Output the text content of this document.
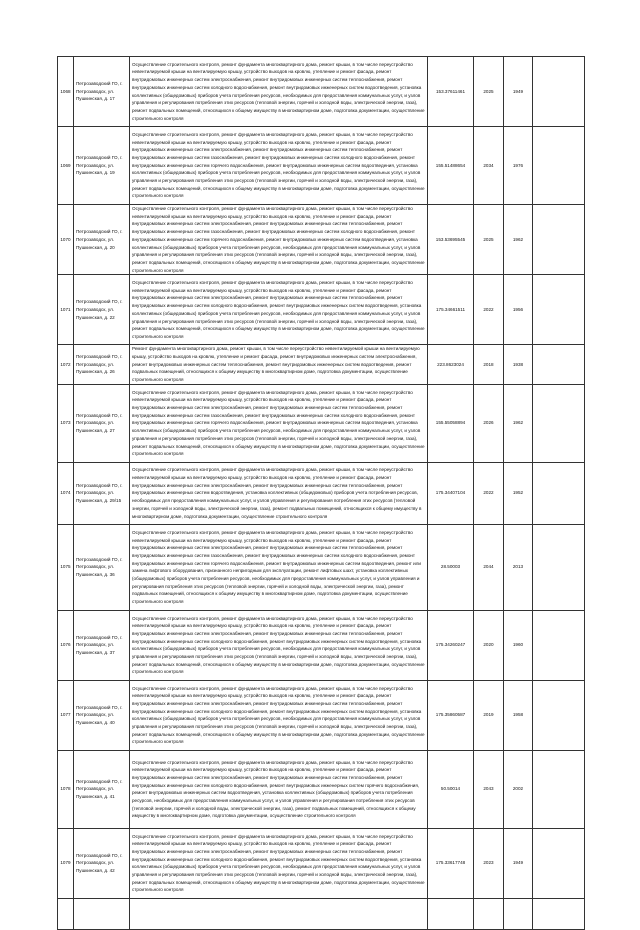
1068	Петрозаводский ГО, г. Петрозаводск, ул. Пушкинская, д. 17	Осуществление строительного контроля, ремонт фундамента многоквартирного дома, ремонт крыши, в том числе переустройство невентилируемой крыши на вентилируемую крышу, устройство выходов на кровлю, утепление и ремонт фасада, ремонт внутридомовых инженерных систем электроснабжения, ремонт внутридомовых инженерных систем теплоснабжения, ремонт внутридомовых инженерных систем холодного водоснабжения, ремонт внутридомовых инженерных систем водоотведения, установка коллективных (общедомовых) приборов учета потребления ресурсов, необходимых для предоставления коммунальных услуг, и узлов управления и регулирования потребления этих ресурсов (тепловой энергии, горячей и холодной воды, электрической энергии, газа), ремонт подвальных помещений, относящихся к общему имуществу в многоквартирном доме, подготовка документации, осуществление строительного контроля	153.37611461	2025	1949	
1069	Петрозаводский ГО, г. Петрозаводск, ул. Пушкинская, д. 19	Осуществление строительного контроля, ремонт фундамента многоквартирного дома, ремонт крыши, в том числе переустройство невентилируемой крыши на вентилируемую крышу, устройство выходов на кровлю, утепление и ремонт фасада, ремонт внутридомовых инженерных систем электроснабжения, ремонт внутридомовых инженерных систем теплоснабжения, ремонт внутридомовых инженерных систем газоснабжения, ремонт внутридомовых инженерных систем холодного водоснабжения, ремонт внутридомовых инженерных систем горячего водоснабжения, ремонт внутридомовых инженерных систем водоотведения, установка коллективных (общедомовых) приборов учета потребления ресурсов, необходимых для предоставления коммунальных услуг, и узлов управления и регулирования потребления этих ресурсов (тепловой энергии, горячей и холодной воды, электрической энергии, газа), ремонт подвальных помещений, относящихся к общему имуществу в многоквартирном доме, подготовка документации, осуществление строительного контроля	155.51488654	2034	1976	
1070	Петрозаводский ГО, г. Петрозаводск, ул. Пушкинская, д. 20	Осуществление строительного контроля, ремонт фундамента многоквартирного дома, ремонт крыши, в том числе переустройство невентилируемой крыши на вентилируемую крышу, устройство выходов на кровлю, утепление и ремонт фасада, ремонт внутридомовых инженерных систем электроснабжения, ремонт внутридомовых инженерных систем теплоснабжения, ремонт внутридомовых инженерных систем газоснабжения, ремонт внутридомовых инженерных систем холодного водоснабжения, ремонт внутридомовых инженерных систем горячего водоснабжения, ремонт внутридомовых инженерных систем водоотведения, установка коллективных (общедомовых) приборов учета потребления ресурсов, необходимых для предоставления коммунальных услуг, и узлов управления и регулирования потребления этих ресурсов (тепловой энергии, горячей и холодной воды, электрической энергии, газа), ремонт подвальных помещений, относящихся к общему имуществу в многоквартирном доме, подготовка документации, осуществление строительного контроля	153.53695545	2025	1962	
1071	Петрозаводский ГО, г. Петрозаводск, ул. Пушкинская, д. 22	Осуществление строительного контроля, ремонт фундамента многоквартирного дома, ремонт крыши, в том числе переустройство невентилируемой крыши на вентилируемую крышу, устройство выходов на кровлю, утепление и ремонт фасада, ремонт внутридомовых инженерных систем электроснабжения, ремонт внутридомовых инженерных систем теплоснабжения, ремонт внутридомовых инженерных систем холодного водоснабжения, ремонт внутридомовых инженерных систем водоотведения, установка коллективных (общедомовых) приборов учета потребления ресурсов, необходимых для предоставления коммунальных услуг, и узлов управления и регулирования потребления этих ресурсов (тепловой энергии, горячей и холодной воды, электрической энергии, газа), ремонт подвальных помещений, относящихся к общему имуществу в многоквартирном доме, подготовка документации, осуществление строительного контроля	175.34661511	2022	1956	
1072	Петрозаводский ГО, г. Петрозаводск, ул. Пушкинская, д. 26	Ремонт фундамента многоквартирного дома, ремонт крыши, в том числе переустройство невентилируемой крыши на вентилируемую крышу, устройство выходов на кровлю, утепление и ремонт фасада, ремонт внутридомовых инженерных систем электроснабжения, ремонт внутридомовых инженерных систем теплоснабжения, ремонт внутридомовых инженерных систем водоотведения, ремонт подвальных помещений, относящихся к общему имуществу в многоквартирном доме, подготовка документации, осуществление строительного контроля	223.8623024	2018	1938	
1073	Петрозаводский ГО, г. Петрозаводск, ул. Пушкинская, д. 27	Осуществление строительного контроля, ремонт фундамента многоквартирного дома, ремонт крыши, в том числе переустройство невентилируемой крыши на вентилируемую крышу, устройство выходов на кровлю, утепление и ремонт фасада, ремонт внутридомовых инженерных систем электроснабжения, ремонт внутридомовых инженерных систем теплоснабжения, ремонт внутридомовых инженерных систем газоснабжения, ремонт внутридомовых инженерных систем холодного водоснабжения, ремонт внутридомовых инженерных систем горячего водоснабжения, ремонт внутридомовых инженерных систем водоотведения, установка коллективных (общедомовых) приборов учета потребления ресурсов, необходимых для предоставления коммунальных услуг, и узлов управления и регулирования потребления этих ресурсов (тепловой энергии, горячей и холодной воды, электрической энергии, газа), ремонт подвальных помещений, относящихся к общему имуществу в многоквартирном доме, подготовка документации, осуществление строительного контроля	155.55058894	2026	1962	
1074	Петрозаводский ГО, г. Петрозаводск, ул. Пушкинская, д. 29/15	Осуществление строительного контроля, ремонт фундамента многоквартирного дома, ремонт крыши, в том числе переустройство невентилируемой крыши на вентилируемую крышу, устройство выходов на кровлю, утепление и ремонт фасада, ремонт внутридомовых инженерных систем электроснабжения, ремонт внутридомовых инженерных систем теплоснабжения, ремонт внутридомовых инженерных систем водоотведения, установка коллективных (общедомовых) приборов учета потребления ресурсов, необходимых для предоставления коммунальных услуг, и узлов управления и регулирования потребления этих ресурсов (тепловой энергии, горячей и холодной воды, электрической энергии, газа), ремонт подвальных помещений, относящихся к общему имуществу в многоквартирном доме, подготовка документации, осуществление строительного контроля	175.34407104	2022	1952	
1075	Петрозаводский ГО, г. Петрозаводск, ул. Пушкинская, д. 36	Осуществление строительного контроля, ремонт фундамента многоквартирного дома, ремонт крыши, в том числе переустройство невентилируемой крыши на вентилируемую крышу, устройство выходов на кровлю, утепление и ремонт фасада, ремонт внутридомовых инженерных систем электроснабжения, ремонт внутридомовых инженерных систем теплоснабжения, ремонт внутридомовых инженерных систем газоснабжения, ремонт внутридомовых инженерных систем холодного водоснабжения, ремонт внутридомовых инженерных систем горячего водоснабжения, ремонт внутридомовых инженерных систем водоотведения, ремонт или замена лифтового оборудования, признанного непригодным для эксплуатации, ремонт лифтовых шахт, установка коллективных (общедомовых) приборов учета потребления ресурсов, необходимых для предоставления коммунальных услуг, и узлов управления и регулирования потребления этих ресурсов (тепловой энергии, горячей и холодной воды, электрической энергии, газа), ремонт подвальных помещений, относящихся к общему имуществу в многоквартирном доме, подготовка документации, осуществление строительного контроля	28.50003	2044	2013	
1076	Петрозаводский ГО, г. Петрозаводск, ул. Пушкинская, д. 37	Осуществление строительного контроля, ремонт фундамента многоквартирного дома, ремонт крыши, в том числе переустройство невентилируемой крыши на вентилируемую крышу, устройство выходов на кровлю, утепление и ремонт фасада, ремонт внутридомовых инженерных систем электроснабжения, ремонт внутридомовых инженерных систем теплоснабжения, ремонт внутридомовых инженерных систем холодного водоснабжения, ремонт внутридомовых инженерных систем водоотведения, установка коллективных (общедомовых) приборов учета потребления ресурсов, необходимых для предоставления коммунальных услуг, и узлов управления и регулирования потребления этих ресурсов (тепловой энергии, горячей и холодной воды, электрической энергии, газа), ремонт подвальных помещений, относящихся к общему имуществу в многоквартирном доме, подготовка документации, осуществление строительного контроля	175.34260247	2020	1960	
1077	Петрозаводский ГО, г. Петрозаводск, ул. Пушкинская, д. 40	Осуществление строительного контроля, ремонт фундамента многоквартирного дома, ремонт крыши, в том числе переустройство невентилируемой крыши на вентилируемую крышу, устройство выходов на кровлю, утепление и ремонт фасада, ремонт внутридомовых инженерных систем электроснабжения, ремонт внутридомовых инженерных систем теплоснабжения, ремонт внутридомовых инженерных систем холодного водоснабжения, ремонт внутридомовых инженерных систем водоотведения, установка коллективных (общедомовых) приборов учета потребления ресурсов, необходимых для предоставления коммунальных услуг, и узлов управления и регулирования потребления этих ресурсов (тепловой энергии, горячей и холодной воды, электрической энергии, газа), ремонт подвальных помещений, относящихся к общему имуществу в многоквартирном доме, подготовка документации, осуществление строительного контроля	175.35860587	2019	1958	
1078	Петрозаводский ГО, г. Петрозаводск, ул. Пушкинская, д. 41	Осуществление строительного контроля, ремонт фундамента многоквартирного дома, ремонт крыши, в том числе переустройство невентилируемой крыши на вентилируемую крышу, устройство выходов на кровлю, утепление и ремонт фасада, ремонт внутридомовых инженерных систем электроснабжения, ремонт внутридомовых инженерных систем теплоснабжения, ремонт внутридомовых инженерных систем холодного водоснабжения, ремонт внутридомовых инженерных систем горячего водоснабжения, ремонт внутридомовых инженерных систем водоотведения, установка коллективных (общедомовых) приборов учета потребления ресурсов, необходимых для предоставления коммунальных услуг, и узлов управления и регулирования потребления этих ресурсов (тепловой энергии, горячей и холодной воды, электрической энергии, газа), ремонт подвальных помещений, относящихся к общему имуществу в многоквартирном доме, подготовка документации, осуществление строительного контроля	50.50014	2043	2002	
1079	Петрозаводский ГО, г. Петрозаводск, ул. Пушкинская, д. 42	Осуществление строительного контроля, ремонт фундамента многоквартирного дома, ремонт крыши, в том числе переустройство невентилируемой крыши на вентилируемую крышу, устройство выходов на кровлю, утепление и ремонт фасада, ремонт внутридомовых инженерных систем электроснабжения, ремонт внутридомовых инженерных систем теплоснабжения, ремонт внутридомовых инженерных систем холодного водоснабжения, ремонт внутридомовых инженерных систем водоотведения, установка коллективных (общедомовых) приборов учета потребления ресурсов, необходимых для предоставления коммунальных услуг, и узлов управления и регулирования потребления этих ресурсов (тепловой энергии, горячей и холодной воды, электрической энергии, газа), ремонт подвальных помещений, относящихся к общему имуществу в многоквартирном доме, подготовка документации, осуществление строительного контроля	175.33617748	2023	1949	
